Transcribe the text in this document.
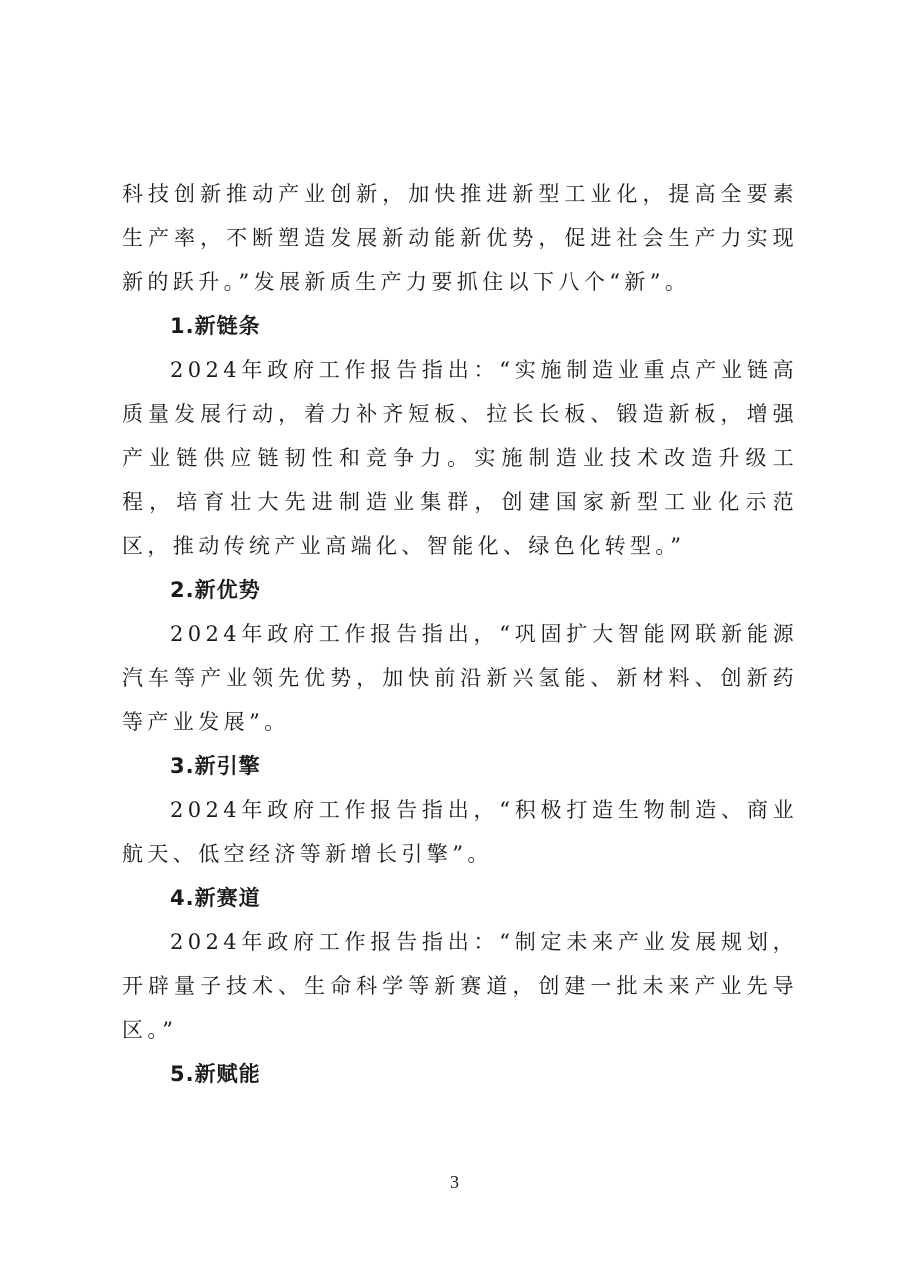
科技创新推动产业创新，加快推进新型工业化，提高全要素生产率，不断塑造发展新动能新优势，促进社会生产力实现新的跃升。”发展新质生产力要抓住以下八个“新”。

1.新链条

2024年政府工作报告指出：“实施制造业重点产业链高质量发展行动，着力补齐短板、拉长长板、锻造新板，增强产业链供应链韧性和竞争力。实施制造业技术改造升级工程，培育壮大先进制造业集群，创建国家新型工业化示范区，推动传统产业高端化、智能化、绿色化转型。”

2.新优势

2024年政府工作报告指出，“巩固扩大智能网联新能源汽车等产业领先优势，加快前沿新兴氢能、新材料、创新药等产业发展”。

3.新引擎

2024年政府工作报告指出，“积极打造生物制造、商业航天、低空经济等新增长引擎”。

4.新赛道

2024年政府工作报告指出：“制定未来产业发展规划，开辟量子技术、生命科学等新赛道，创建一批未来产业先导区。”

5.新赋能

3
